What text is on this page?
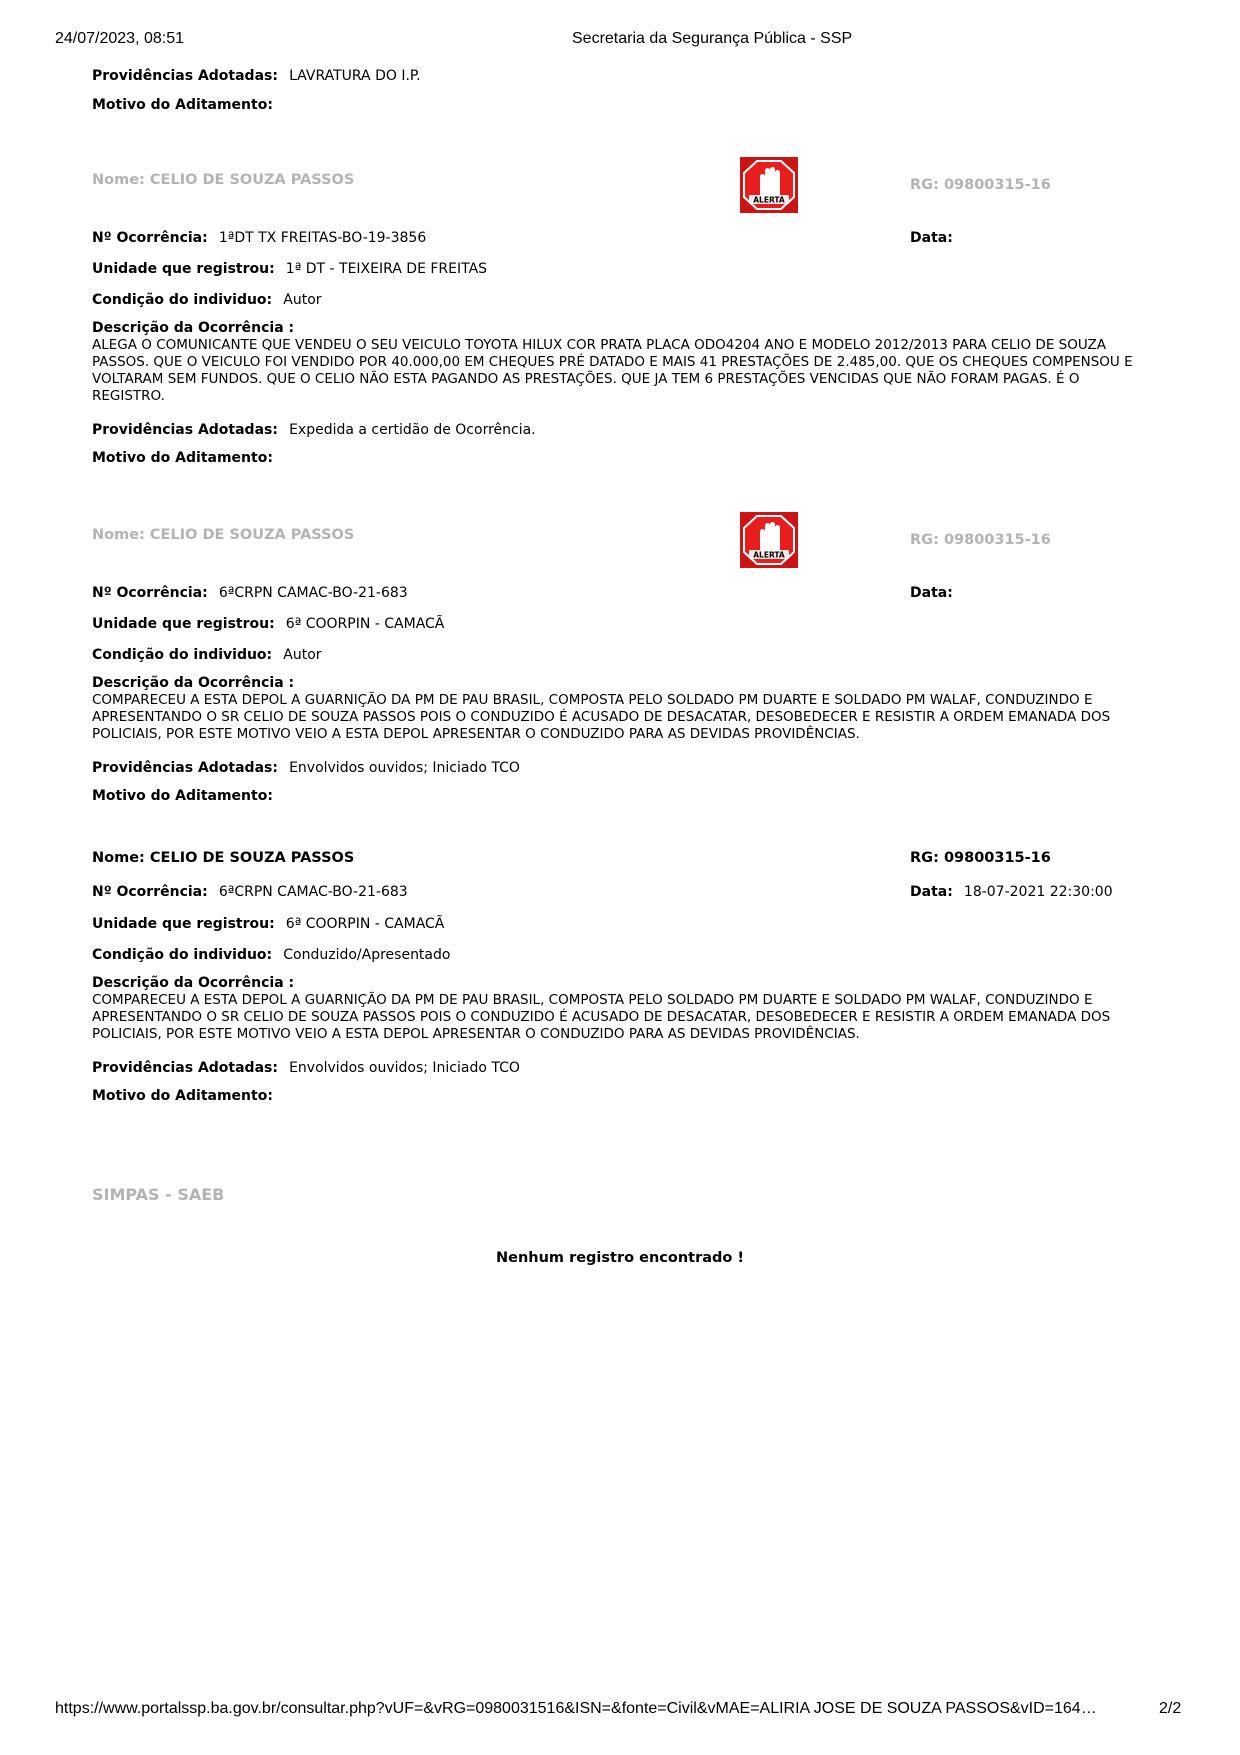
24/07/2023, 08:51	Secretaria da Segurança Pública - SSP
Providências Adotadas: LAVRATURA DO I.P.
Motivo do Aditamento:
Nome: CELIO DE SOUZA PASSOS
ALERTA
RG: 09800315-16
Nº Ocorrência: 1ªDT TX FREITAS-BO-19-3856	Data:
Unidade que registrou: 1ª DT - TEIXEIRA DE FREITAS
Condição do individuo: Autor
Descrição da Ocorrência :
ALEGA O COMUNICANTE QUE VENDEU O SEU VEICULO TOYOTA HILUX COR PRATA PLACA ODO4204 ANO E MODELO 2012/2013 PARA CELIO DE SOUZA PASSOS. QUE O VEICULO FOI VENDIDO POR 40.000,00 EM CHEQUES PRÉ DATADO E MAIS 41 PRESTAÇÕES DE 2.485,00. QUE OS CHEQUES COMPENSOU E VOLTARAM SEM FUNDOS. QUE O CELIO NÃO ESTA PAGANDO AS PRESTAÇÕES. QUE JA TEM 6 PRESTAÇÕES VENCIDAS QUE NÃO FORAM PAGAS. É O REGISTRO.
Providências Adotadas: Expedida a certidão de Ocorrência.
Motivo do Aditamento:
Nome: CELIO DE SOUZA PASSOS
ALERTA
RG: 09800315-16
Nº Ocorrência: 6ªCRPN CAMAC-BO-21-683	Data:
Unidade que registrou: 6ª COORPIN - CAMACÃ
Condição do individuo: Autor
Descrição da Ocorrência :
COMPARECEU A ESTA DEPOL A GUARNIÇÃO DA PM DE PAU BRASIL, COMPOSTA PELO SOLDADO PM DUARTE E SOLDADO PM WALAF, CONDUZINDO E APRESENTANDO O SR CELIO DE SOUZA PASSOS POIS O CONDUZIDO É ACUSADO DE DESACATAR, DESOBEDECER E RESISTIR A ORDEM EMANADA DOS POLICIAIS, POR ESTE MOTIVO VEIO A ESTA DEPOL APRESENTAR O CONDUZIDO PARA AS DEVIDAS PROVIDÊNCIAS.
Providências Adotadas: Envolvidos ouvidos; Iniciado TCO
Motivo do Aditamento:
Nome: CELIO DE SOUZA PASSOS	RG: 09800315-16
Nº Ocorrência: 6ªCRPN CAMAC-BO-21-683	Data: 18-07-2021 22:30:00
Unidade que registrou: 6ª COORPIN - CAMACÃ
Condição do individuo: Conduzido/Apresentado
Descrição da Ocorrência :
COMPARECEU A ESTA DEPOL A GUARNIÇÃO DA PM DE PAU BRASIL, COMPOSTA PELO SOLDADO PM DUARTE E SOLDADO PM WALAF, CONDUZINDO E APRESENTANDO O SR CELIO DE SOUZA PASSOS POIS O CONDUZIDO É ACUSADO DE DESACATAR, DESOBEDECER E RESISTIR A ORDEM EMANADA DOS POLICIAIS, POR ESTE MOTIVO VEIO A ESTA DEPOL APRESENTAR O CONDUZIDO PARA AS DEVIDAS PROVIDÊNCIAS.
Providências Adotadas: Envolvidos ouvidos; Iniciado TCO
Motivo do Aditamento:
SIMPAS - SAEB
Nenhum registro encontrado !
https://www.portalssp.ba.gov.br/consultar.php?vUF=&vRG=0980031516&ISN=&fonte=Civil&vMAE=ALIRIA JOSE DE SOUZA PASSOS&vID=164…	2/2
